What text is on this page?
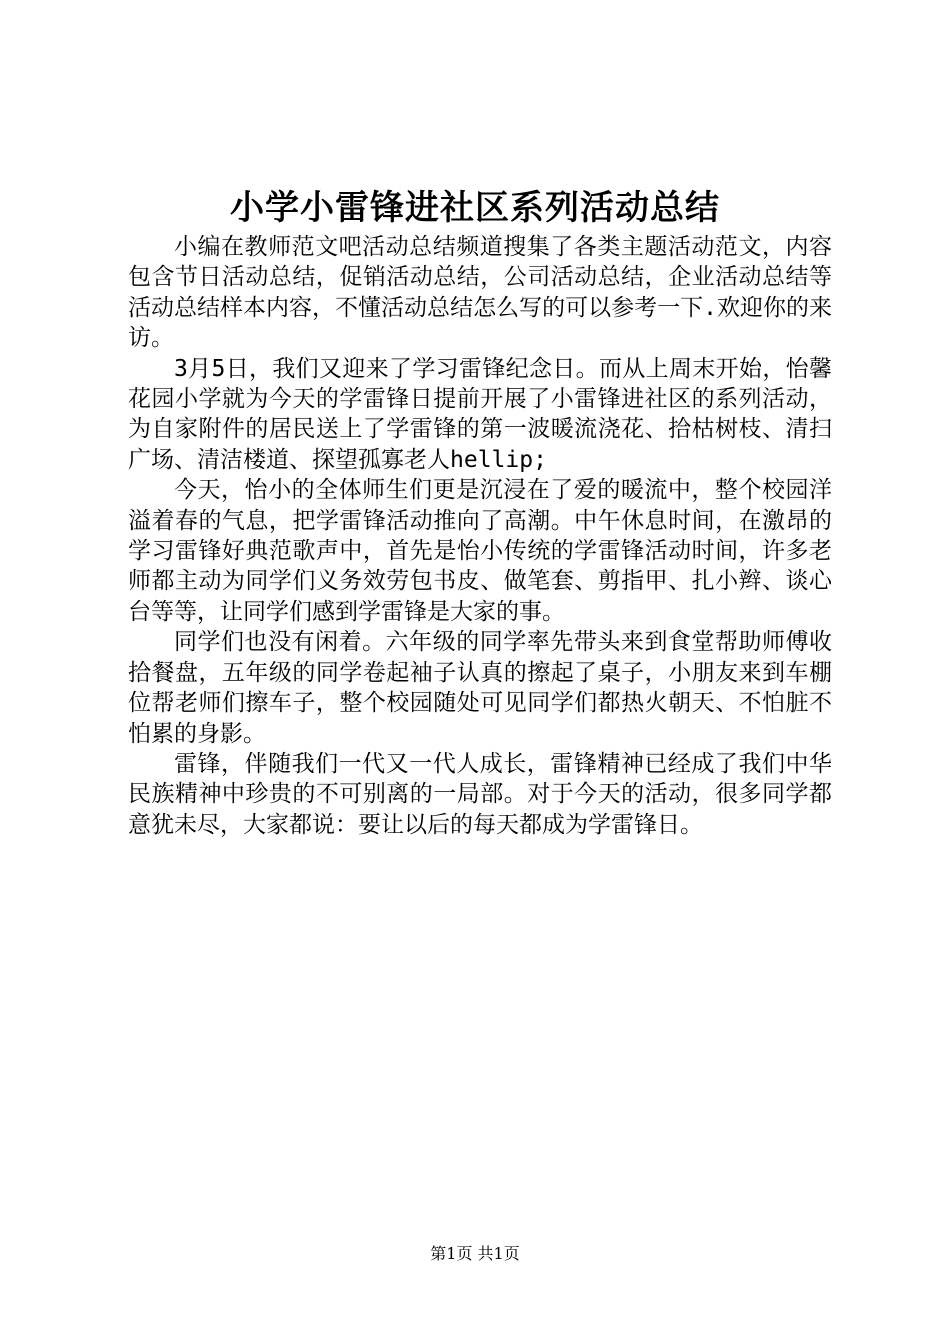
小学小雷锋进社区系列活动总结

小编在教师范文吧活动总结频道搜集了各类主题活动范文，内容包含节日活动总结，促销活动总结，公司活动总结，企业活动总结等活动总结样本内容，不懂活动总结怎么写的可以参考一下.欢迎你的来访。

3月5日，我们又迎来了学习雷锋纪念日。而从上周末开始，怡馨花园小学就为今天的学雷锋日提前开展了小雷锋进社区的系列活动，为自家附件的居民送上了学雷锋的第一波暖流浇花、拾枯树枝、清扫广场、清洁楼道、探望孤寡老人hellip;

今天，怡小的全体师生们更是沉浸在了爱的暖流中，整个校园洋溢着春的气息，把学雷锋活动推向了高潮。中午休息时间，在激昂的学习雷锋好典范歌声中，首先是怡小传统的学雷锋活动时间，许多老师都主动为同学们义务效劳包书皮、做笔套、剪指甲、扎小辫、谈心台等等，让同学们感到学雷锋是大家的事。

同学们也没有闲着。六年级的同学率先带头来到食堂帮助师傅收拾餐盘，五年级的同学卷起袖子认真的擦起了桌子，小朋友来到车棚位帮老师们擦车子，整个校园随处可见同学们都热火朝天、不怕脏不怕累的身影。

雷锋，伴随我们一代又一代人成长，雷锋精神已经成了我们中华民族精神中珍贵的不可别离的一局部。对于今天的活动，很多同学都意犹未尽，大家都说：要让以后的每天都成为学雷锋日。

第1页 共1页
